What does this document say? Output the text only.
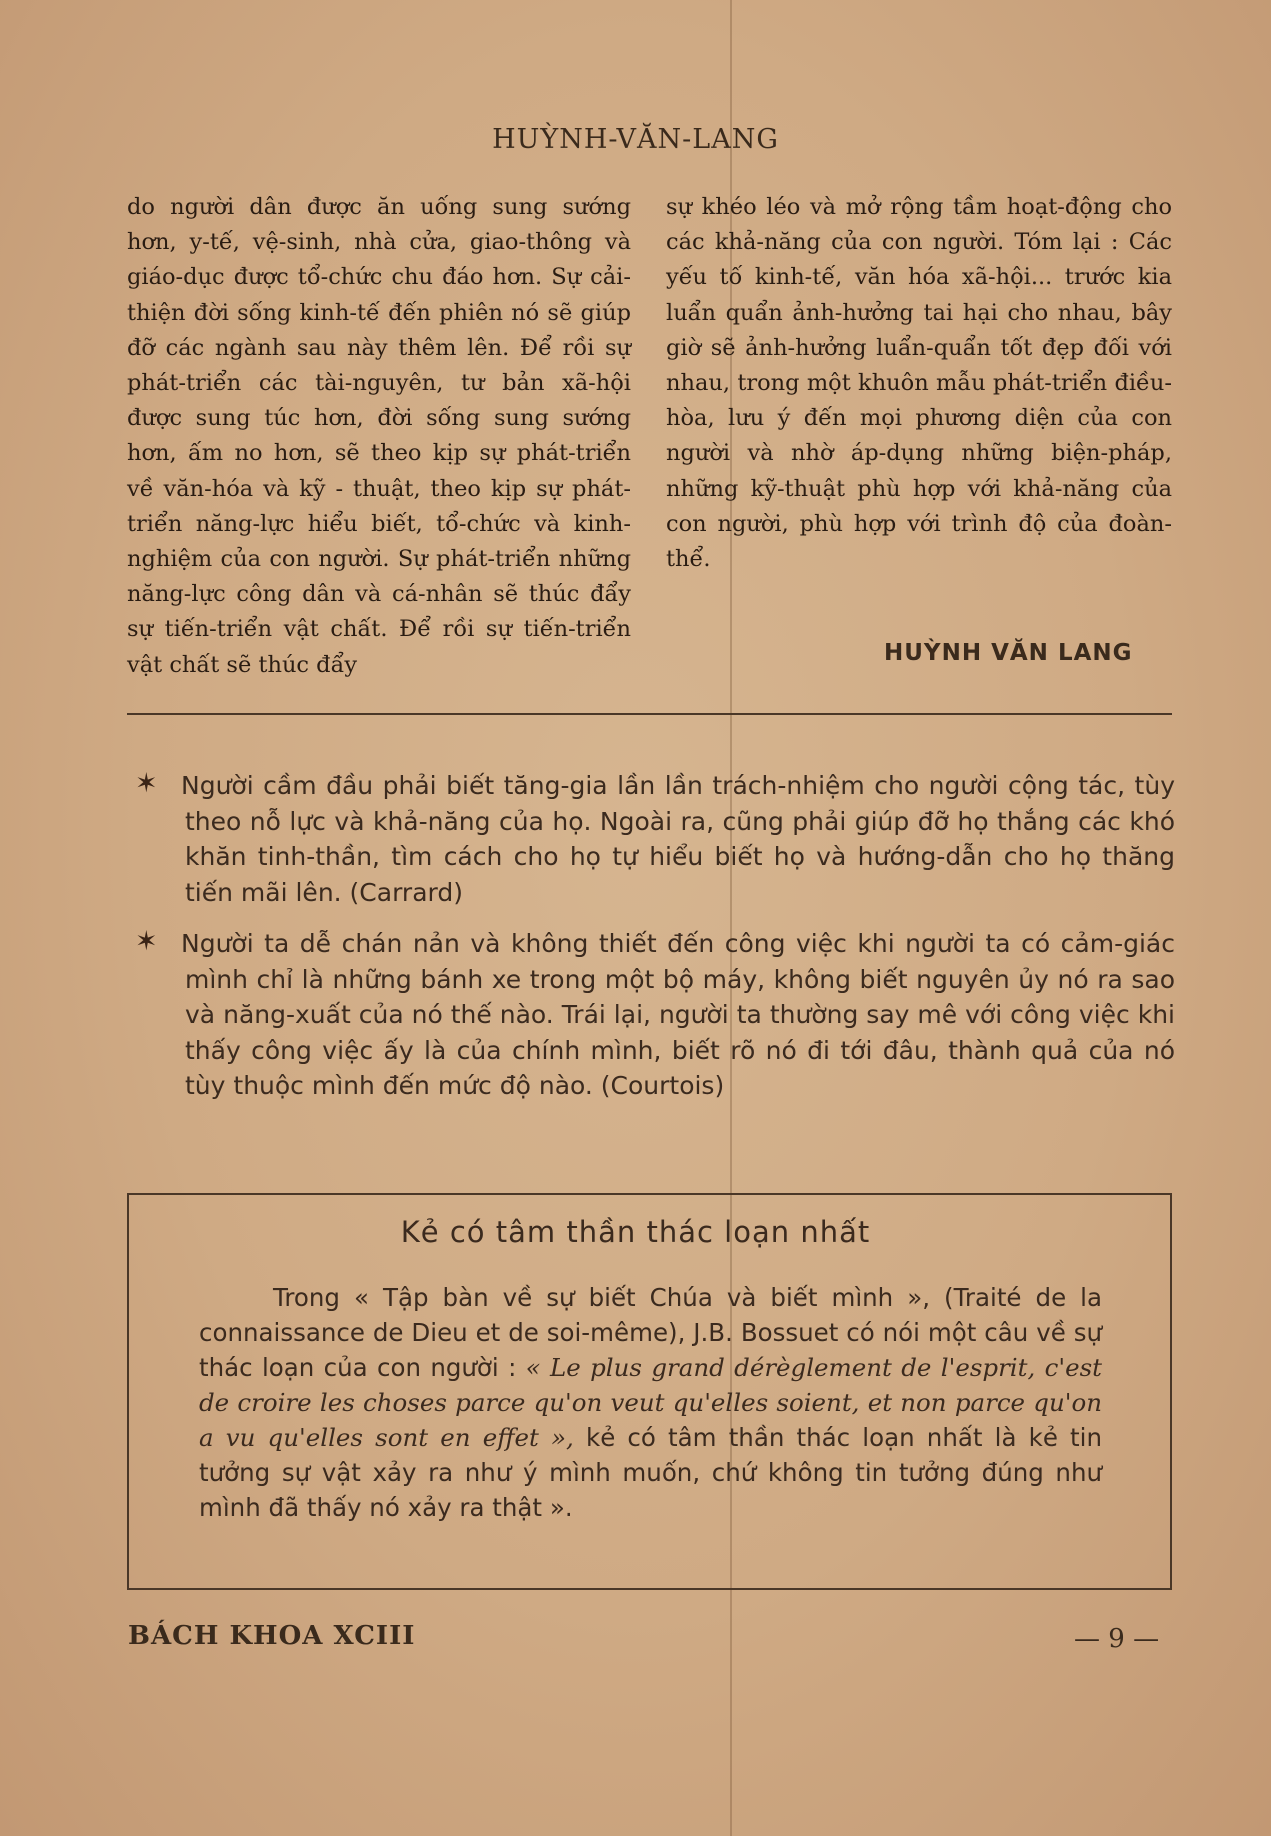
HUỲNH-VĂN-LANG

do người dân được ăn uống sung sướng hơn, y-tế, vệ-sinh, nhà cửa, giao-thông và giáo-dục được tổ-chức chu đáo hơn. Sự cải-thiện đời sống kinh-tế đến phiên nó sẽ giúp đỡ các ngành sau này thêm lên. Để rồi sự phát-triển các tài-nguyên, tư bản xã-hội được sung túc hơn, đời sống sung sướng hơn, ấm no hơn, sẽ theo kịp sự phát-triển về văn-hóa và kỹ - thuật, theo kịp sự phát-triển năng-lực hiểu biết, tổ-chức và kinh-nghiệm của con người. Sự phát-triển những năng-lực công dân và cá-nhân sẽ thúc đẩy sự tiến-triển vật chất. Để rồi sự tiến-triển vật chất sẽ thúc đẩy

sự khéo léo và mở rộng tầm hoạt-động cho các khả-năng của con người. Tóm lại : Các yếu tố kinh-tế, văn hóa xã-hội... trước kia luẩn quẩn ảnh-hưởng tai hại cho nhau, bây giờ sẽ ảnh-hưởng luẩn-quẩn tốt đẹp đối với nhau, trong một khuôn mẫu phát-triển điều-hòa, lưu ý đến mọi phương diện của con người và nhờ áp-dụng những biện-pháp, những kỹ-thuật phù hợp với khả-năng của con người, phù hợp với trình độ của đoàn-thể.

HUỲNH VĂN LANG
✶ Người cầm đầu phải biết tăng-gia lần lần trách-nhiệm cho người cộng tác, tùy theo nỗ lực và khả-năng của họ. Ngoài ra, cũng phải giúp đỡ họ thắng các khó khăn tinh-thần, tìm cách cho họ tự hiểu biết họ và hướng-dẫn cho họ thăng tiến mãi lên. (Carrard)
✶ Người ta dễ chán nản và không thiết đến công việc khi người ta có cảm-giác mình chỉ là những bánh xe trong một bộ máy, không biết nguyên ủy nó ra sao và năng-xuất của nó thế nào. Trái lại, người ta thường say mê với công việc khi thấy công việc ấy là của chính mình, biết rõ nó đi tới đâu, thành quả của nó tùy thuộc mình đến mức độ nào. (Courtois)
Kẻ có tâm thần thác loạn nhất
Trong « Tập bàn về sự biết Chúa và biết mình », (Traité de la connaissance de Dieu et de soi-même), J.B. Bossuet có nói một câu về sự thác loạn của con người : « Le plus grand dérèglement de l'esprit, c'est de croire les choses parce qu'on veut qu'elles soient, et non parce qu'on a vu qu'elles sont en effet », kẻ có tâm thần thác loạn nhất là kẻ tin tưởng sự vật xảy ra như ý mình muốn, chứ không tin tưởng đúng như mình đã thấy nó xảy ra thật ».
BÁCH KHOA XCIII	— 9 —
